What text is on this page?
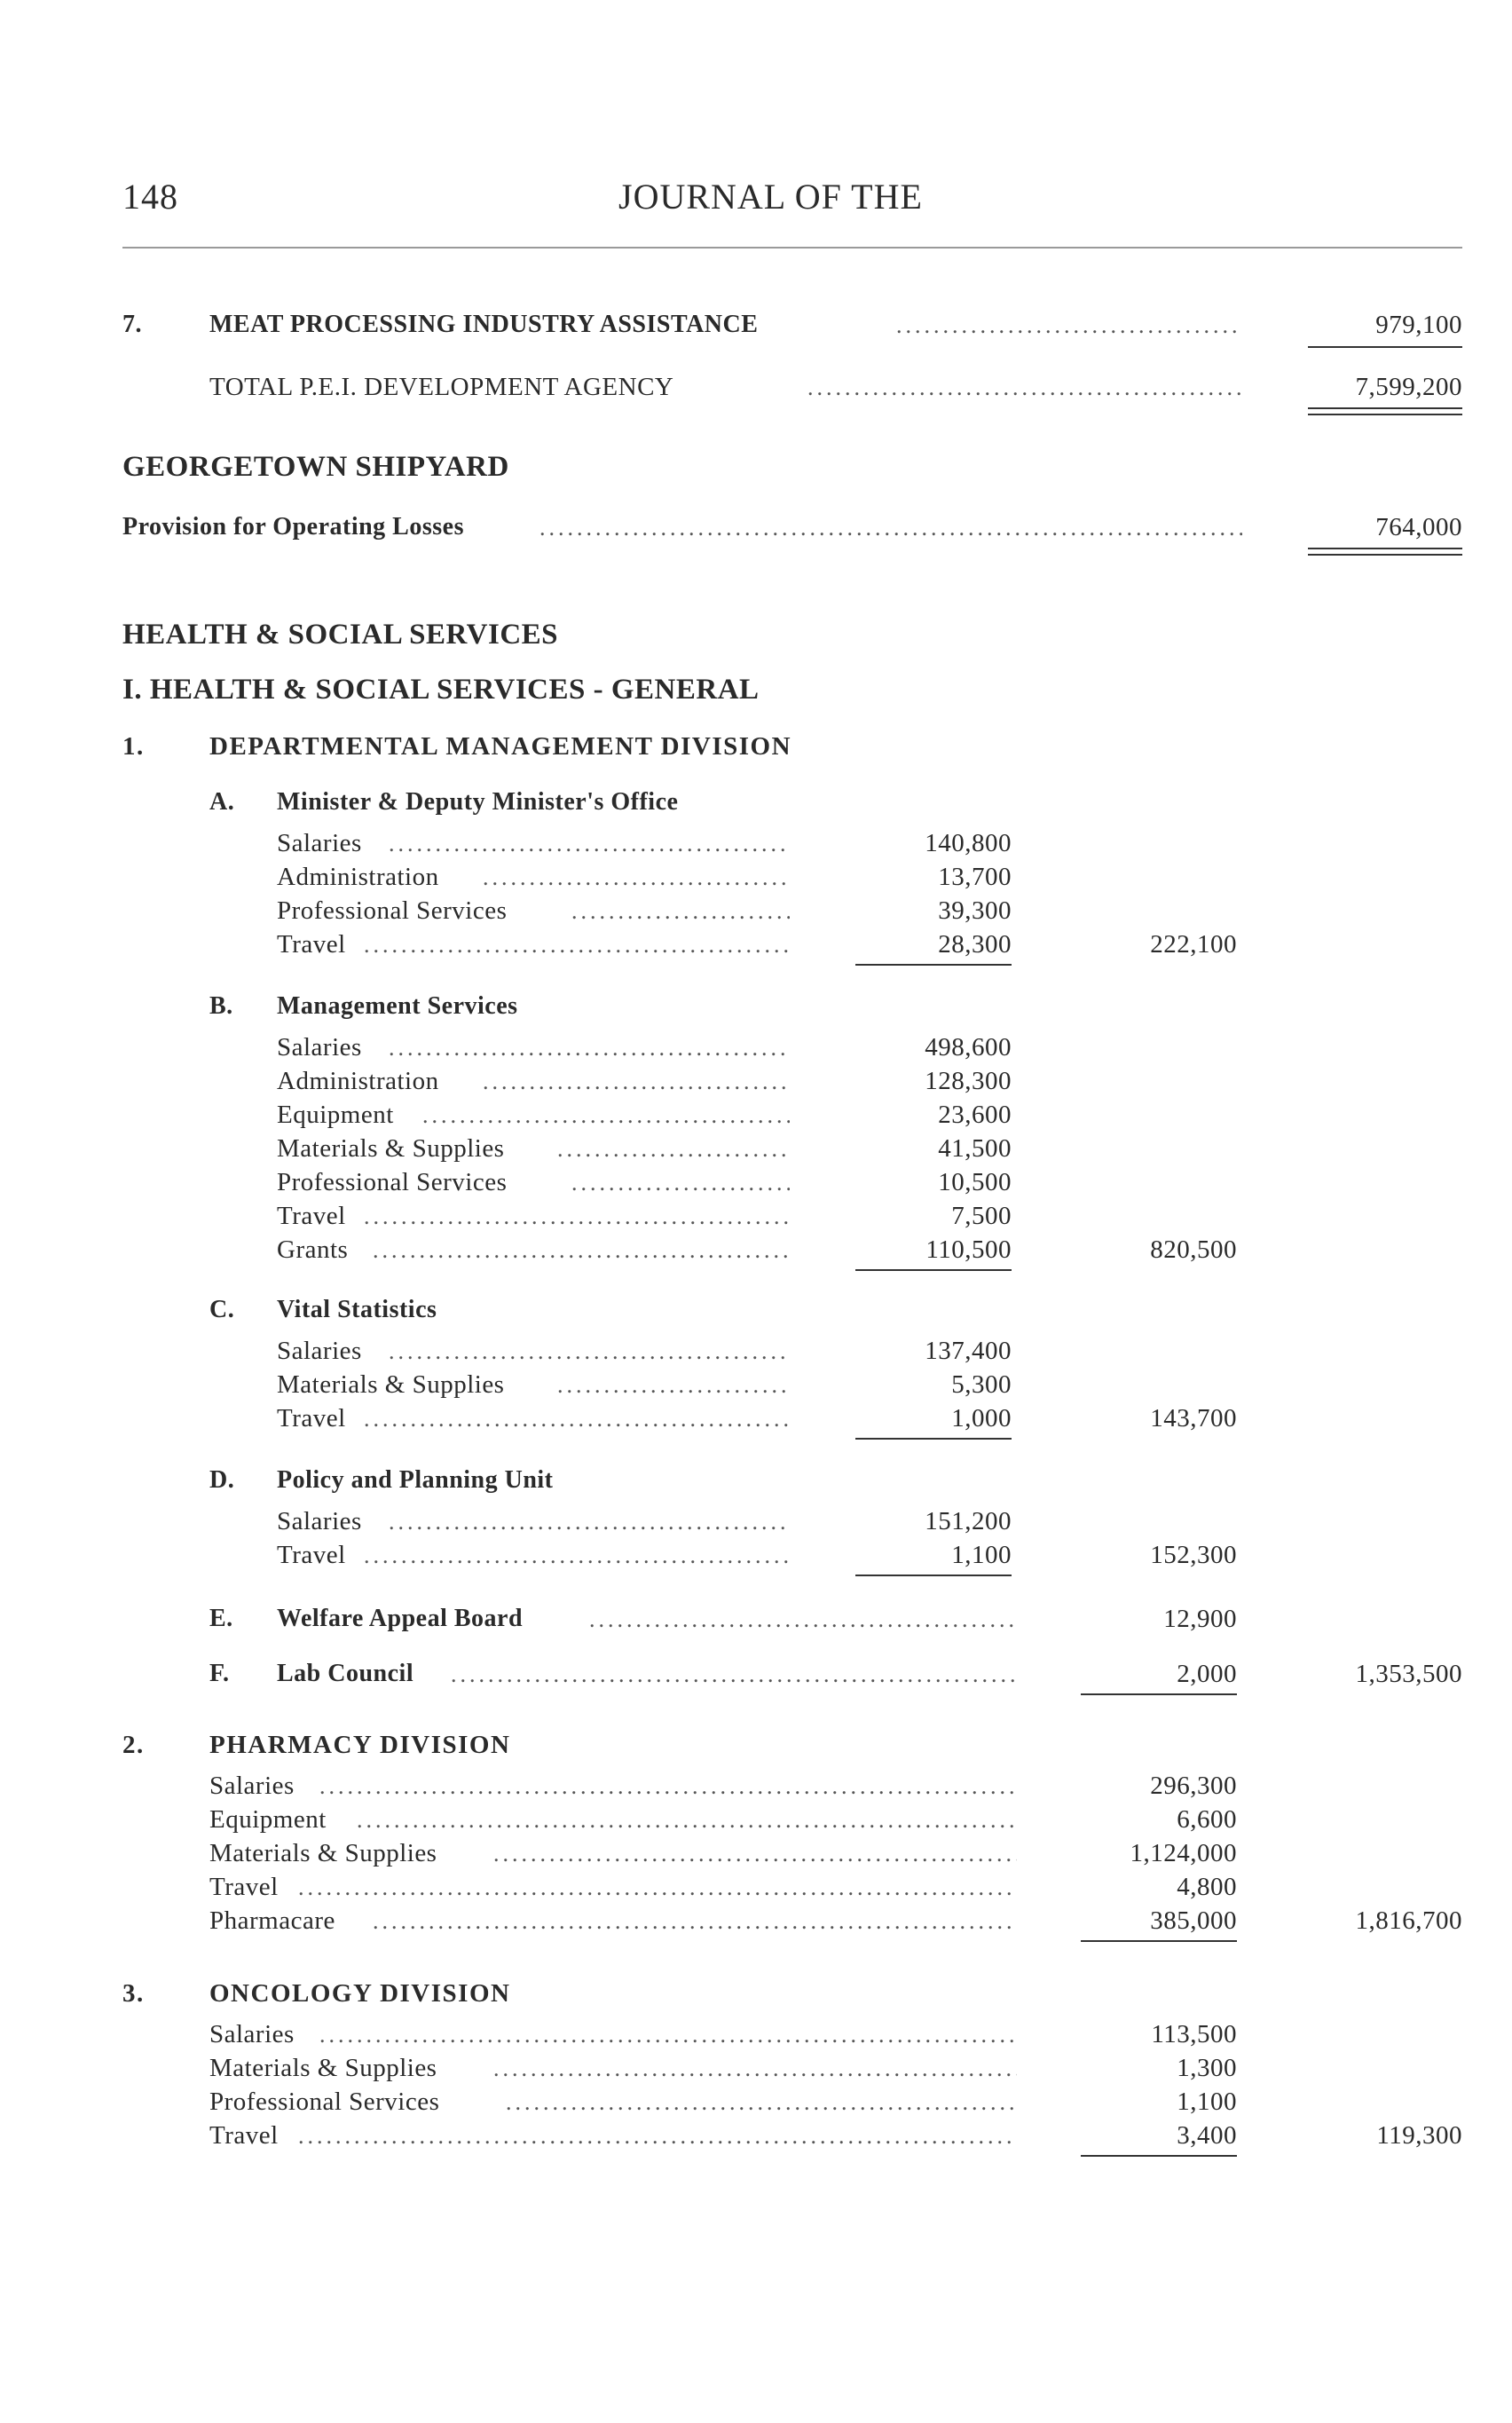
148	JOURNAL OF THE
7.	MEAT PROCESSING INDUSTRY ASSISTANCE .....	979,100
TOTAL P.E.I. DEVELOPMENT AGENCY .....	7,599,200
GEORGETOWN SHIPYARD
Provision for Operating Losses .....	764,000
HEALTH & SOCIAL SERVICES
I. HEALTH & SOCIAL SERVICES - GENERAL
1.	DEPARTMENTAL MANAGEMENT DIVISION
A. Minister & Deputy Minister's Office
Salaries .....	140,800
Administration .....	13,700
Professional Services .....	39,300
Travel .....	28,300	222,100
B. Management Services
Salaries .....	498,600
Administration .....	128,300
Equipment .....	23,600
Materials & Supplies .....	41,500
Professional Services .....	10,500
Travel .....	7,500
Grants .....	110,500	820,500
C. Vital Statistics
Salaries .....	137,400
Materials & Supplies .....	5,300
Travel .....	1,000	143,700
D. Policy and Planning Unit
Salaries .....	151,200
Travel .....	1,100	152,300
E. Welfare Appeal Board .....	12,900
F. Lab Council .....	2,000	1,353,500
2.	PHARMACY DIVISION
Salaries .....	296,300
Equipment .....	6,600
Materials & Supplies .....	1,124,000
Travel .....	4,800
Pharmacare .....	385,000	1,816,700
3.	ONCOLOGY DIVISION
Salaries .....	113,500
Materials & Supplies .....	1,300
Professional Services .....	1,100
Travel .....	3,400	119,300
